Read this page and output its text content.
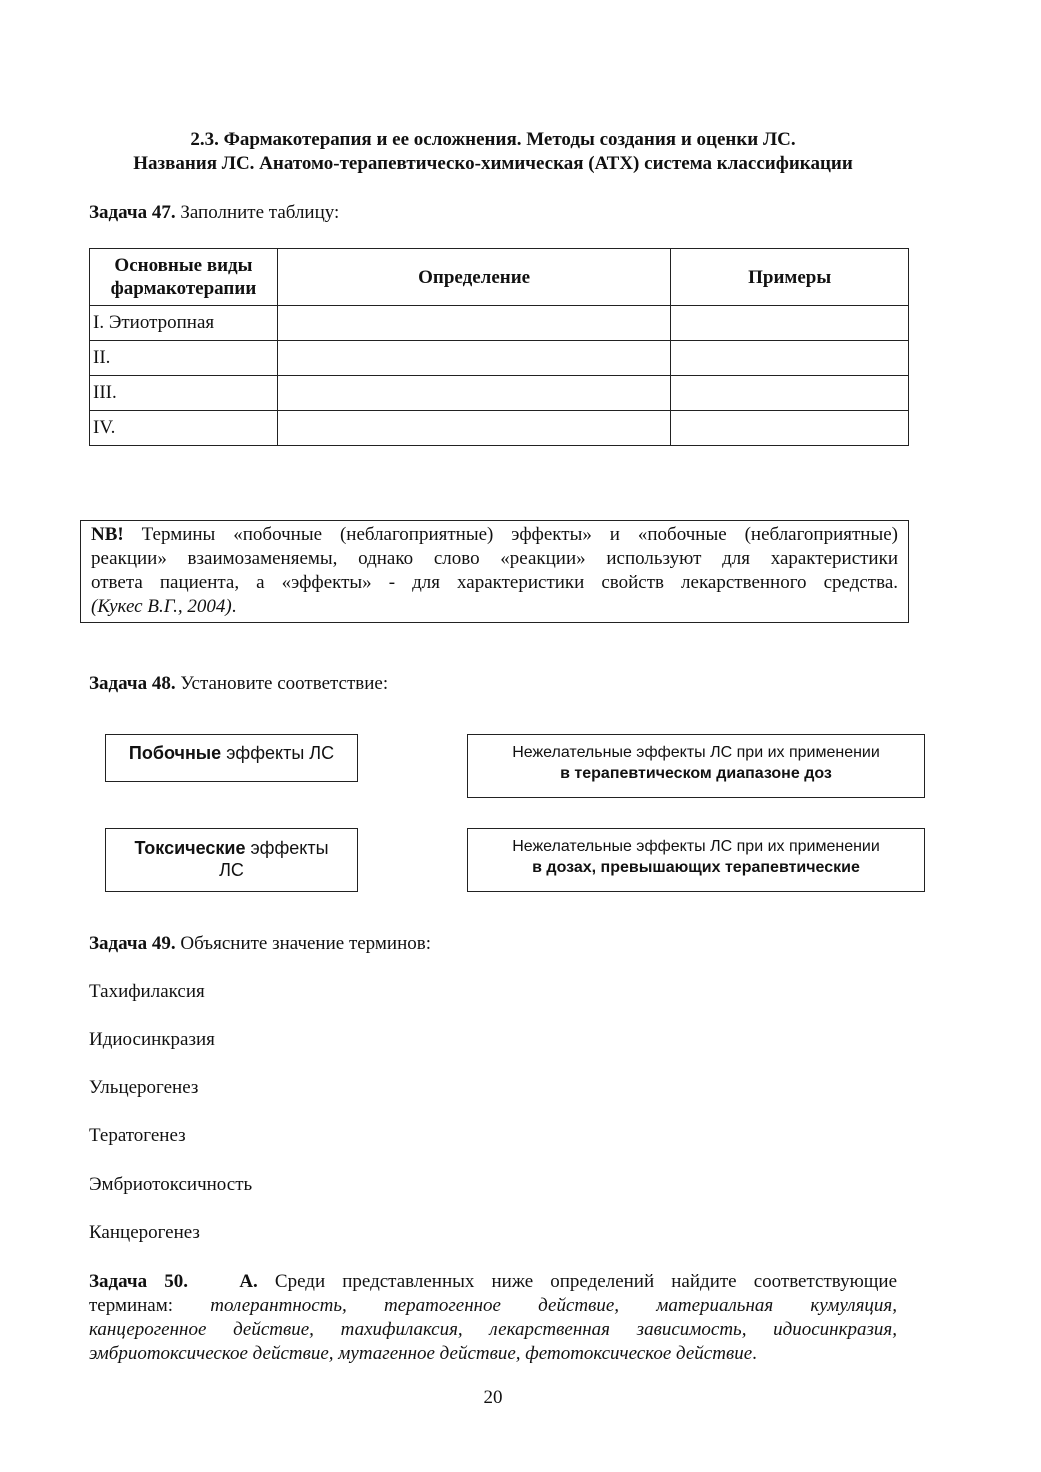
2.3. Фармакотерапия и ее осложнения. Методы создания и оценки ЛС.
Названия ЛС. Анатомо-терапевтическо-химическая (АТХ) система классификации
Задача 47. Заполните таблицу:
Основные виды
фармакотерапии	Определение	Примеры
I. Этиотропная		
II.		
III.		
IV.		
NB! Термины «побочные (неблагоприятные) эффекты» и «побочные (неблагоприятные)
реакции» взаимозаменяемы, однако слово «реакции» используют для характеристики
ответа пациента, а «эффекты» - для характеристики свойств лекарственного средства.
(Кукес В.Г., 2004).
Задача 48. Установите соответствие:
Побочные эффекты ЛС
Токсические эффекты
ЛС
Нежелательные эффекты ЛС при их применении
в терапевтическом диапазоне доз
Нежелательные эффекты ЛС при их применении
в дозах, превышающих терапевтические
Задача 49. Объясните значение терминов:
Тахифилаксия
Идиосинкразия
Ульцерогенез
Тератогенез
Эмбриотоксичность
Канцерогенез
Задача 50.	А. Среди представленных ниже определений найдите соответствующие
терминам: толерантность, тератогенное действие, материальная кумуляция,
канцерогенное действие, тахифилаксия, лекарственная зависимость, идиосинкразия,
эмбриотоксическое действие, мутагенное действие, фетотоксическое действие.
20
